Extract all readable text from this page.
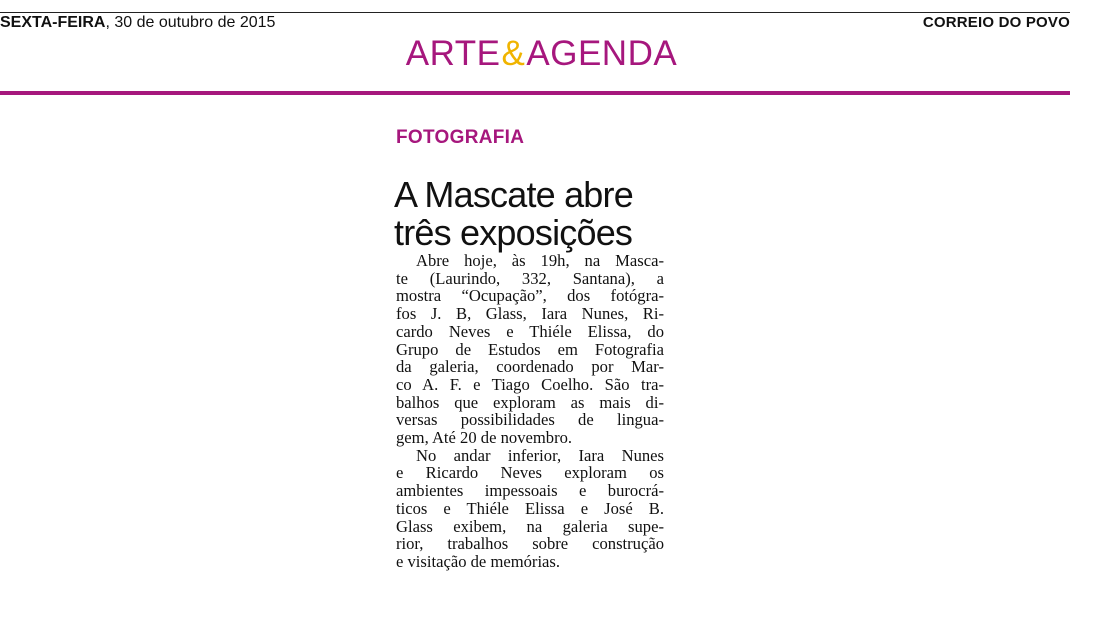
SEXTA-FEIRA, 30 de outubro de 2015	CORREIO DO POVO
ARTE&AGENDA
FOTOGRAFIA
A Mascate abre
três exposições

Abre hoje, às 19h, na Masca-
te (Laurindo, 332, Santana), a
mostra “Ocupação”, dos fotógra-
fos J. B, Glass, Iara Nunes, Ri-
cardo Neves e Thiéle Elissa, do
Grupo de Estudos em Fotografia
da galeria, coordenado por Mar-
co A. F. e Tiago Coelho. São tra-
balhos que exploram as mais di-
versas possibilidades de lingua-
gem, Até 20 de novembro.

No andar inferior, Iara Nunes
e Ricardo Neves exploram os
ambientes impessoais e burocrá-
ticos e Thiéle Elissa e José B.
Glass exibem, na galeria supe-
rior, trabalhos sobre construção
e visitação de memórias.
